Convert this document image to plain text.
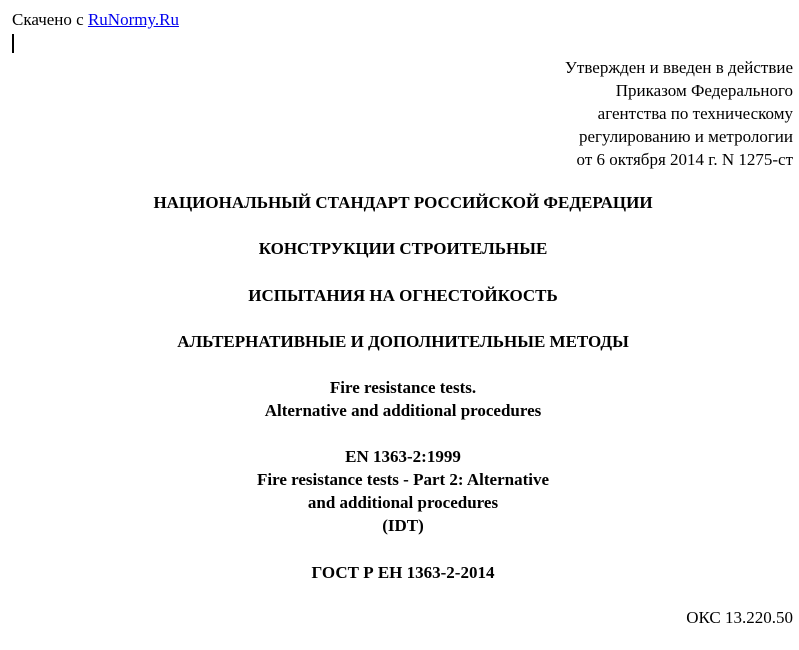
Скачено с RuNormy.Ru
Утвержден и введен в действие
Приказом Федерального
агентства по техническому
регулированию и метрологии
от 6 октября 2014 г. N 1275-ст
НАЦИОНАЛЬНЫЙ СТАНДАРТ РОССИЙСКОЙ ФЕДЕРАЦИИ
КОНСТРУКЦИИ СТРОИТЕЛЬНЫЕ
ИСПЫТАНИЯ НА ОГНЕСТОЙКОСТЬ
АЛЬТЕРНАТИВНЫЕ И ДОПОЛНИТЕЛЬНЫЕ МЕТОДЫ
Fire resistance tests.
Alternative and additional procedures
EN 1363-2:1999
Fire resistance tests - Part 2: Alternative
and additional procedures
(IDT)
ГОСТ Р ЕН 1363-2-2014
ОКС 13.220.50
